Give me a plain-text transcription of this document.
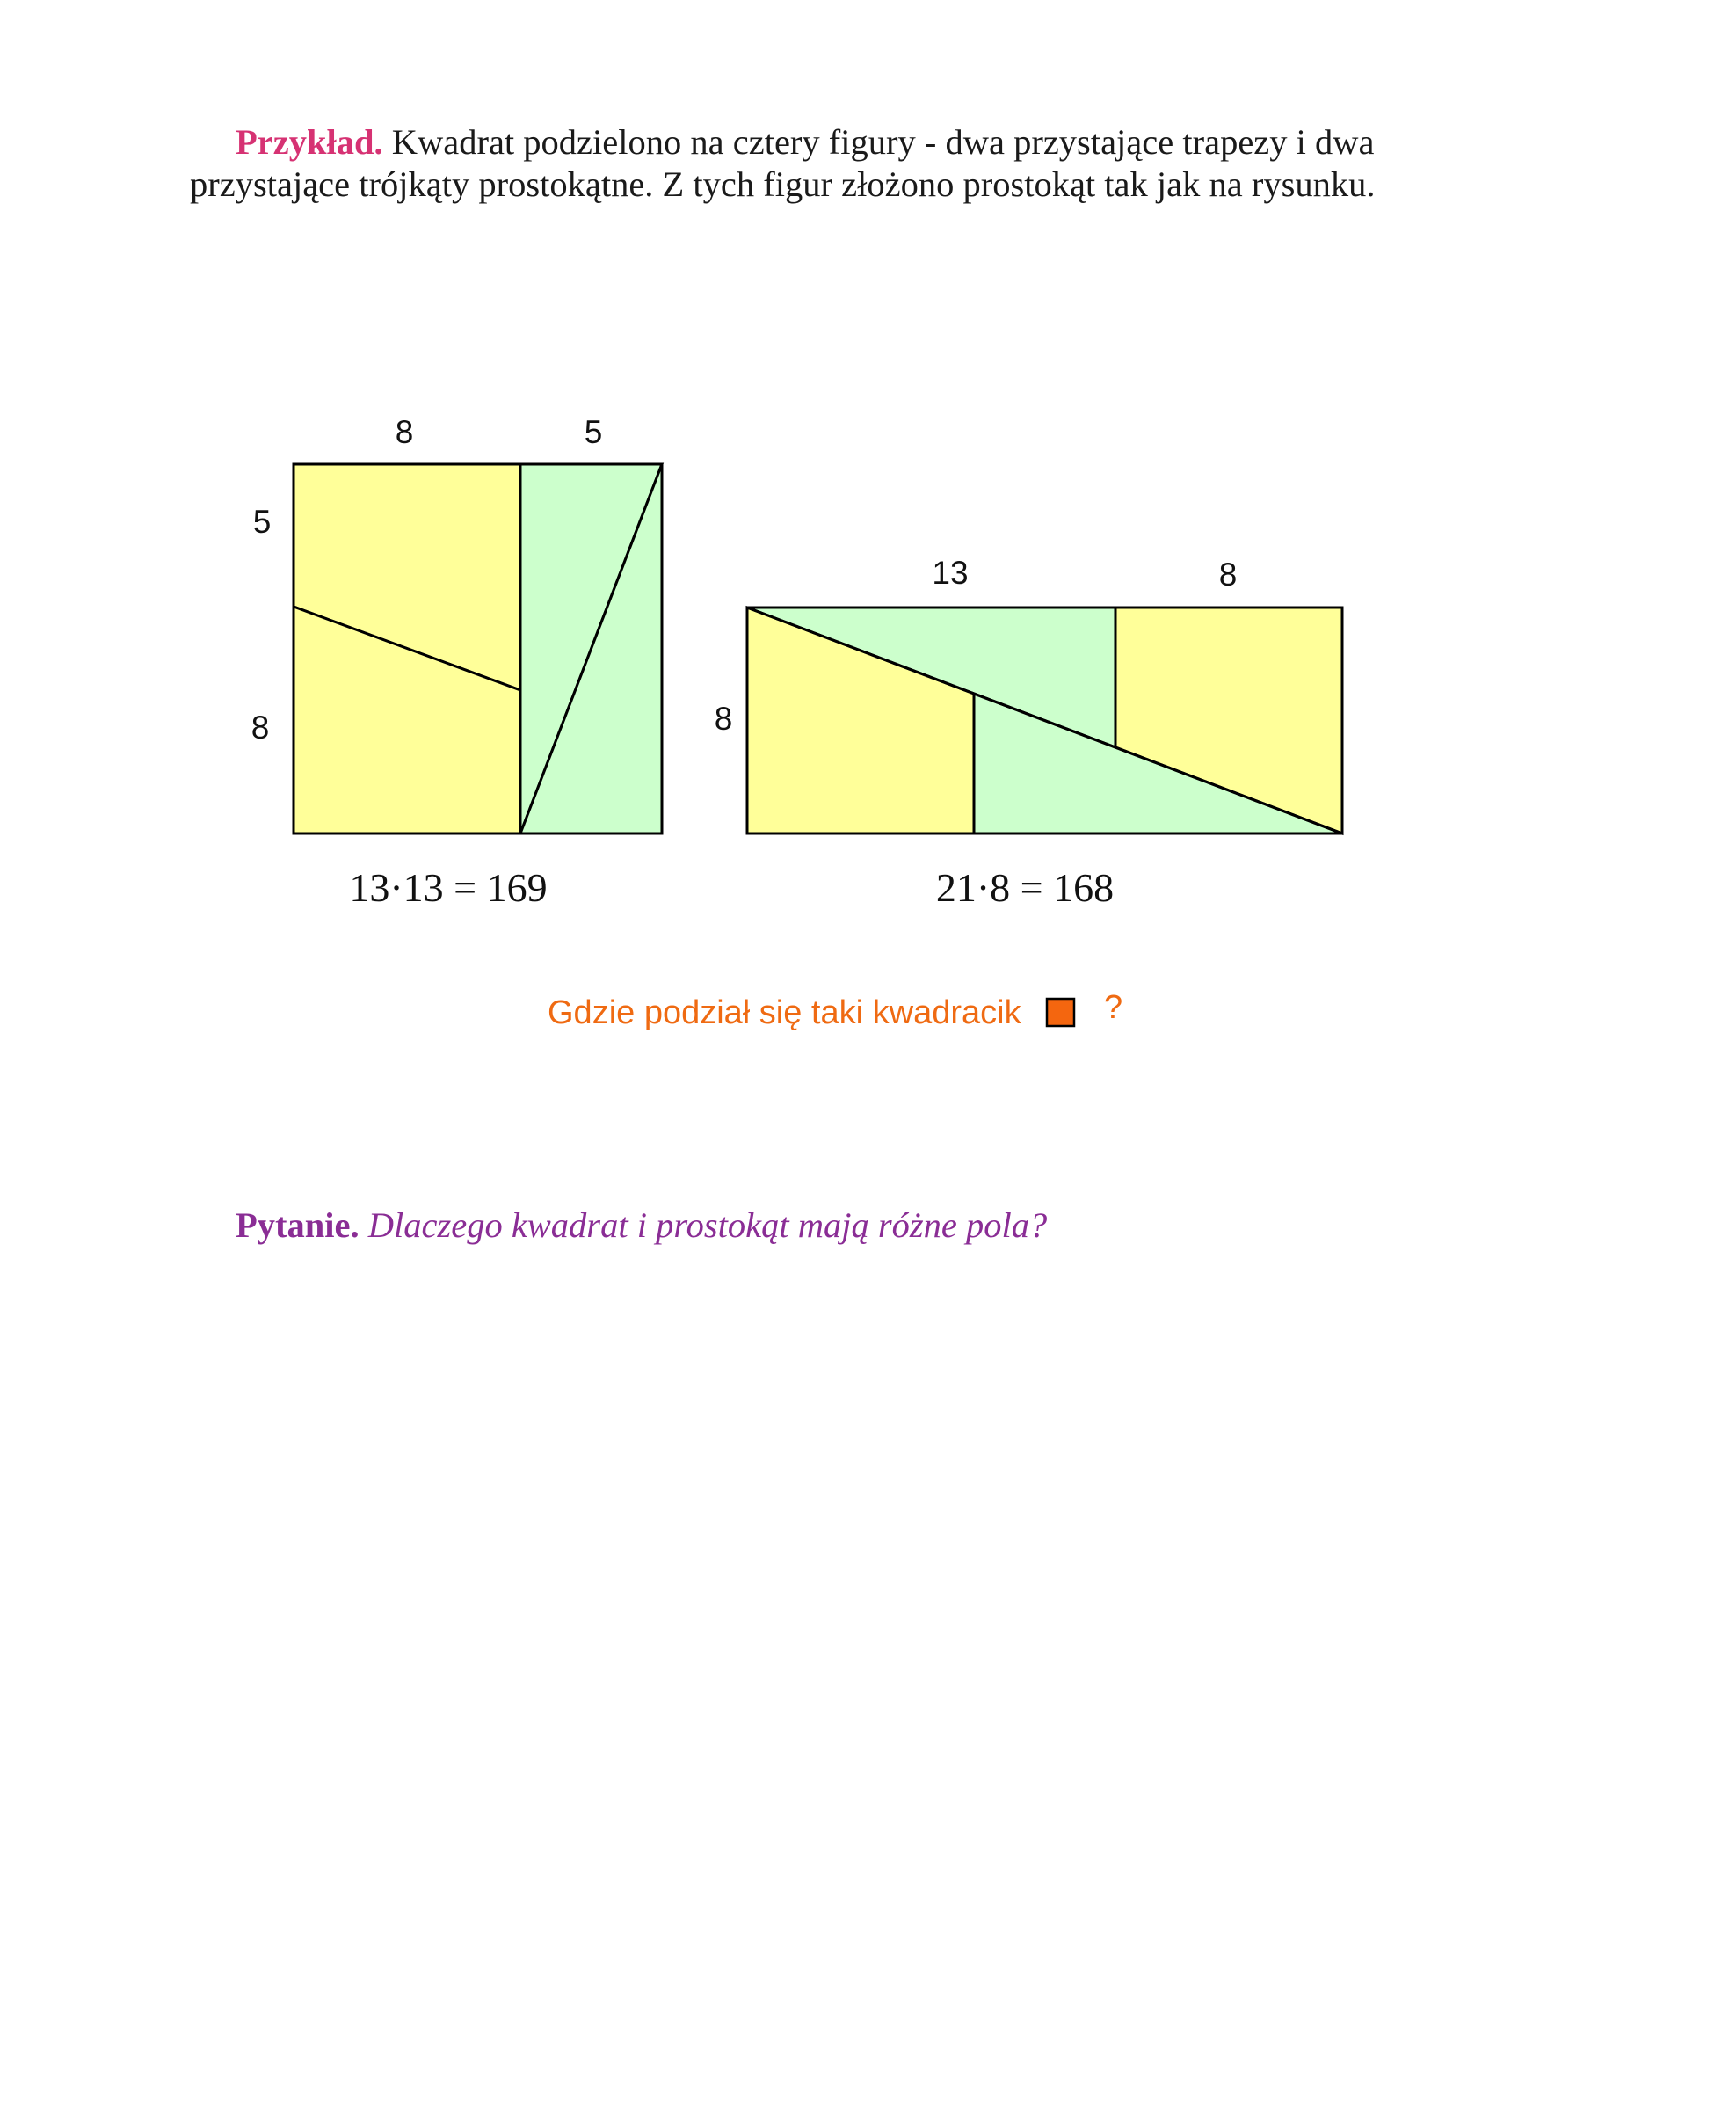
Przykład. Kwadrat podzielono na cztery figury - dwa przystające trapezy i dwa przystające trójkąty prostokątne. Z tych figur złożono prostokąt tak jak na rysunku.

8	5
5
8
13·13 = 169
13	8
8
21·8 = 168
Gdzie podział się taki kwadracik ?

Pytanie. Dlaczego kwadrat i prostokąt mają różne pola?
